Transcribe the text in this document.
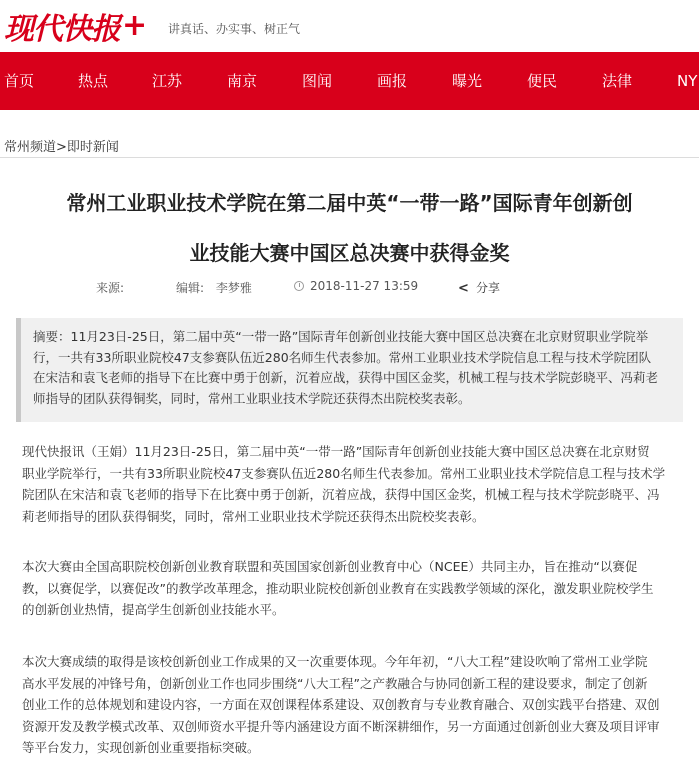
现代快报 + 讲真话、办实事、树正气
首页	热点	江苏	南京	图闻	画报	曝光	便民	法律	NY
常州频道>即时新闻
常州工业职业技术学院在第二届中英“一带一路”国际青年创新创
业技能大赛中国区总决赛中获得金奖
来源:	编辑: 李梦雅	2018-11-27 13:59	< 分享
摘要：11月23日-25日，第二届中英“一带一路”国际青年创新创业技能大赛中国区总决赛在北京财贸职业学院举
行，一共有33所职业院校47支参赛队伍近280名师生代表参加。常州工业职业技术学院信息工程与技术学院团队
在宋洁和袁飞老师的指导下在比赛中勇于创新，沉着应战，获得中国区金奖，机械工程与技术学院彭晓平、冯莉老
师指导的团队获得铜奖，同时，常州工业职业技术学院还获得杰出院校奖表彰。
现代快报讯（王娟）11月23日-25日，第二届中英“一带一路”国际青年创新创业技能大赛中国区总决赛在北京财贸
职业学院举行，一共有33所职业院校47支参赛队伍近280名师生代表参加。常州工业职业技术学院信息工程与技术学
院团队在宋洁和袁飞老师的指导下在比赛中勇于创新，沉着应战，获得中国区金奖，机械工程与技术学院彭晓平、冯
莉老师指导的团队获得铜奖，同时，常州工业职业技术学院还获得杰出院校奖表彰。
本次大赛由全国高职院校创新创业教育联盟和英国国家创新创业教育中心（NCEE）共同主办，旨在推动“以赛促
教，以赛促学，以赛促改”的教学改革理念，推动职业院校创新创业教育在实践教学领域的深化，激发职业院校学生
的创新创业热情，提高学生创新创业技能水平。
本次大赛成绩的取得是该校创新创业工作成果的又一次重要体现。今年年初，“八大工程”建设吹响了常州工业学院
高水平发展的冲锋号角，创新创业工作也同步围绕“八大工程”之产教融合与协同创新工程的建设要求，制定了创新
创业工作的总体规划和建设内容，一方面在双创课程体系建设、双创教育与专业教育融合、双创实践平台搭建、双创
资源开发及教学模式改革、双创师资水平提升等内涵建设方面不断深耕细作，另一方面通过创新创业大赛及项目评审
等平台发力，实现创新创业重要指标突破。
